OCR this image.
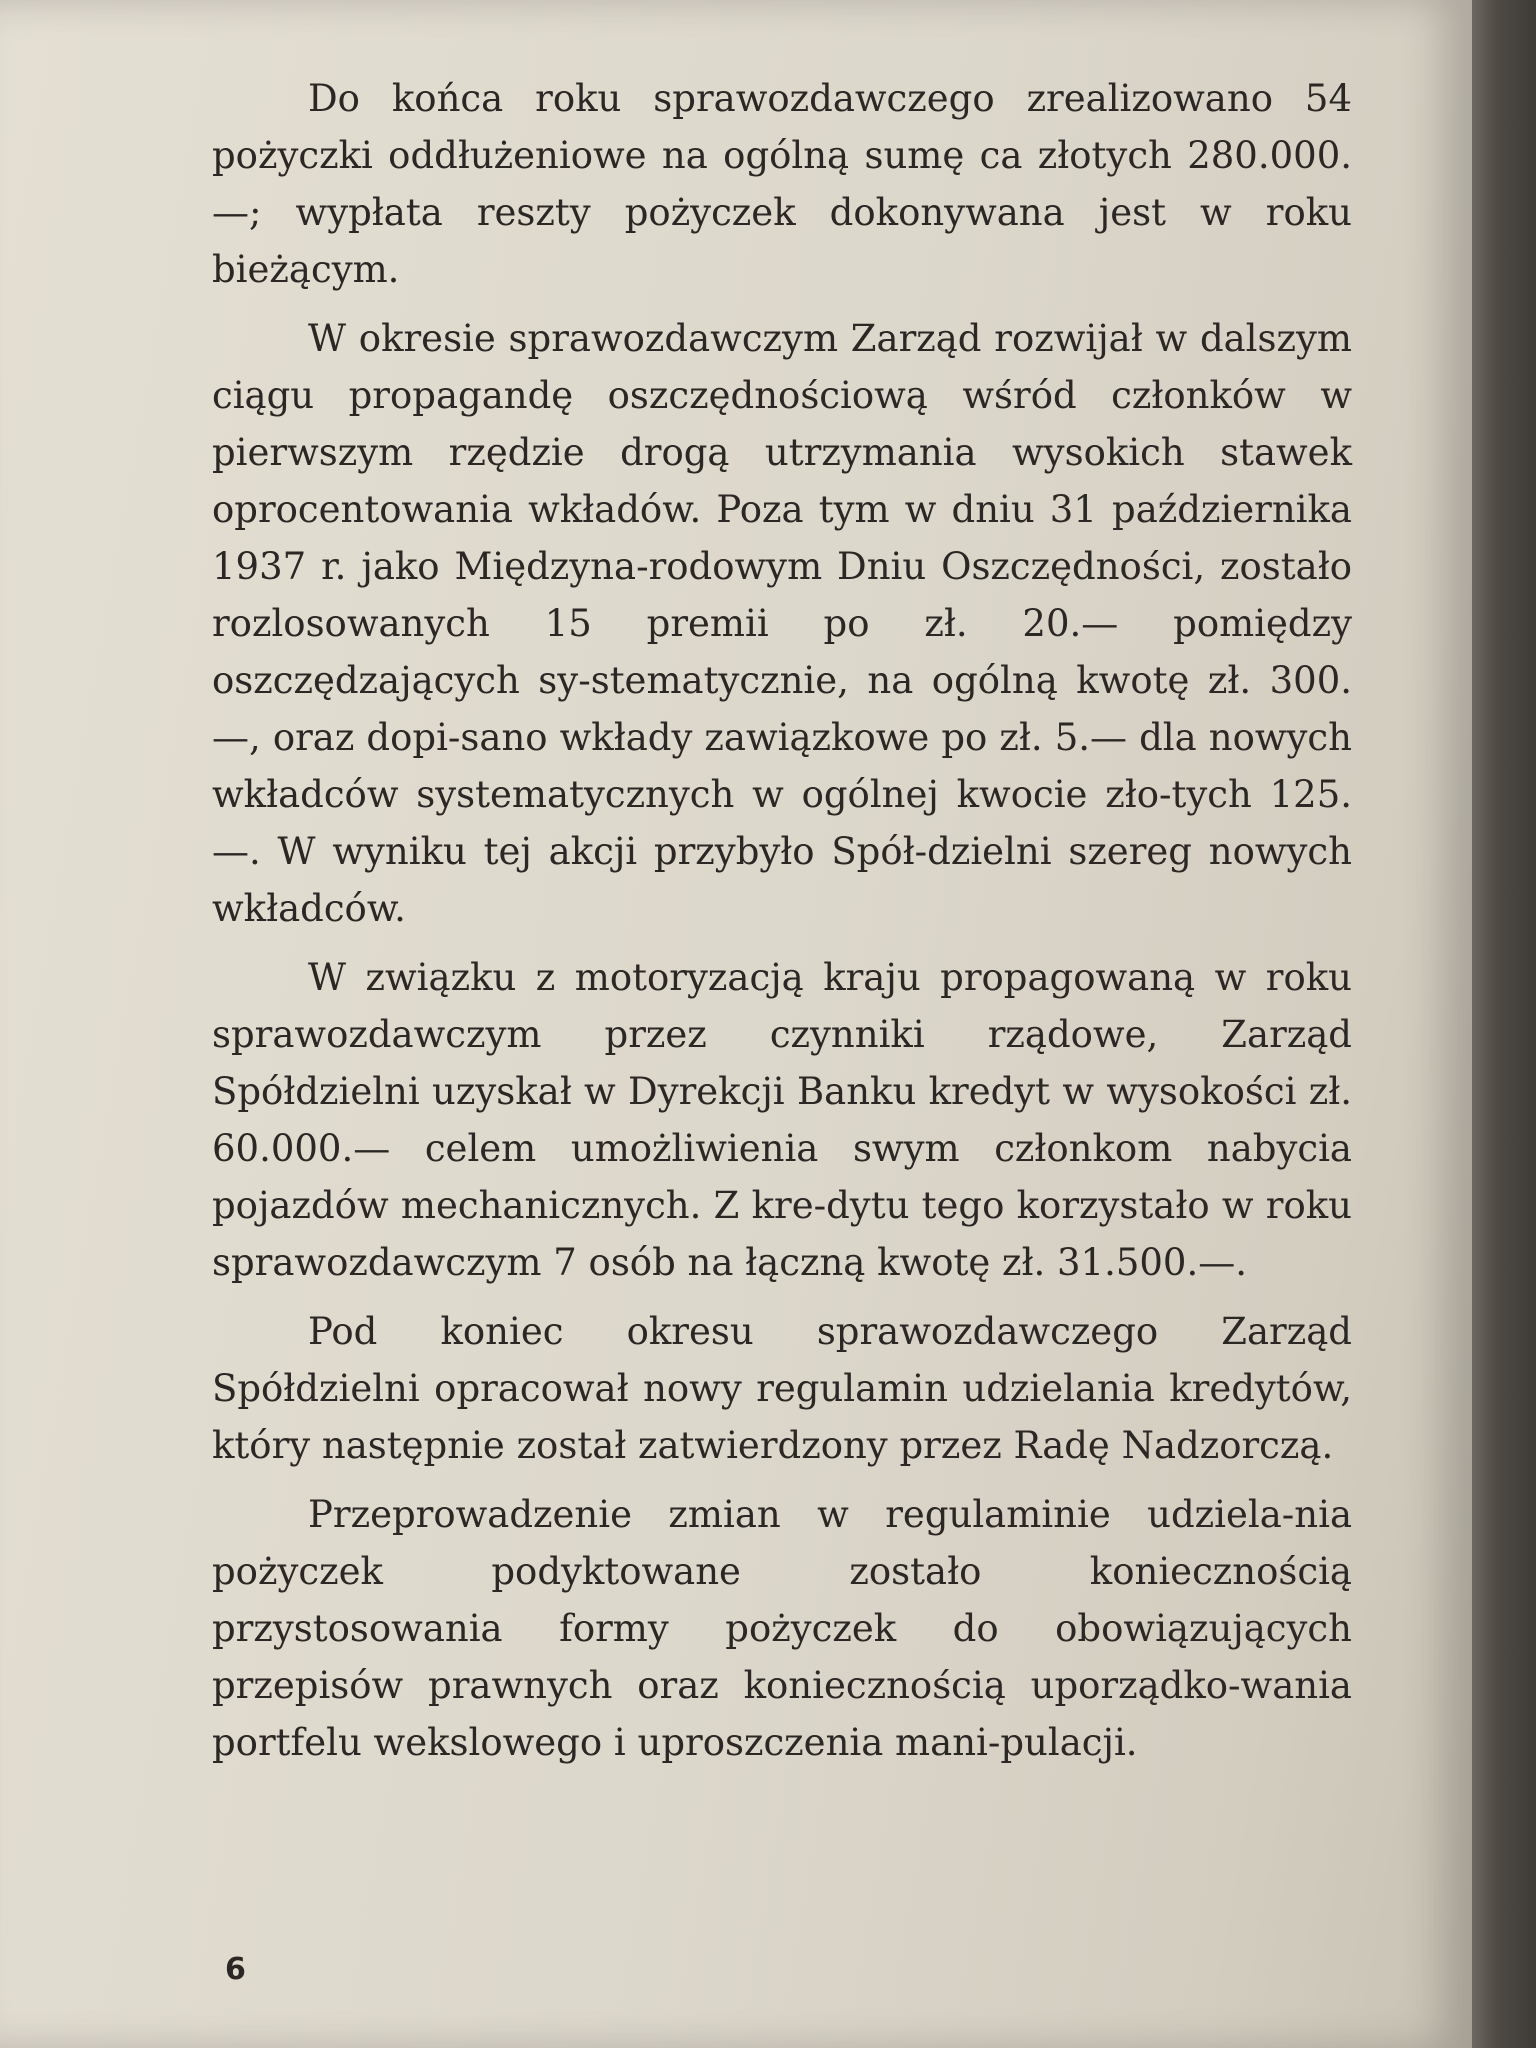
Do końca roku sprawozdawczego zrealizowano 54 pożyczki oddłużeniowe na ogólną sumę ca złotych 280.000.—; wypłata reszty pożyczek dokonywana jest w roku bieżącym.

W okresie sprawozdawczym Zarząd rozwijał w dalszym ciągu propagandę oszczędnościową wśród członków w pierwszym rzędzie drogą utrzymania wysokich stawek oprocentowania wkładów. Poza tym w dniu 31 października 1937 r. jako Międzyna-rodowym Dniu Oszczędności, zostało rozlosowanych 15 premii po zł. 20.— pomiędzy oszczędzających sy-stematycznie, na ogólną kwotę zł. 300.—, oraz dopi-sano wkłady zawiązkowe po zł. 5.— dla nowych wkładców systematycznych w ogólnej kwocie zło-tych 125.—. W wyniku tej akcji przybyło Spół-dzielni szereg nowych wkładców.

W związku z motoryzacją kraju propagowaną w roku sprawozdawczym przez czynniki rządowe, Zarząd Spółdzielni uzyskał w Dyrekcji Banku kredyt w wysokości zł. 60.000.— celem umożliwienia swym członkom nabycia pojazdów mechanicznych. Z kre-dytu tego korzystało w roku sprawozdawczym 7 osób na łączną kwotę zł. 31.500.—.

Pod koniec okresu sprawozdawczego Zarząd Spółdzielni opracował nowy regulamin udzielania kredytów, który następnie został zatwierdzony przez Radę Nadzorczą.

Przeprowadzenie zmian w regulaminie udziela-nia pożyczek podyktowane zostało koniecznością przystosowania formy pożyczek do obowiązujących przepisów prawnych oraz koniecznością uporządko-wania portfelu wekslowego i uproszczenia mani-pulacji.

6
